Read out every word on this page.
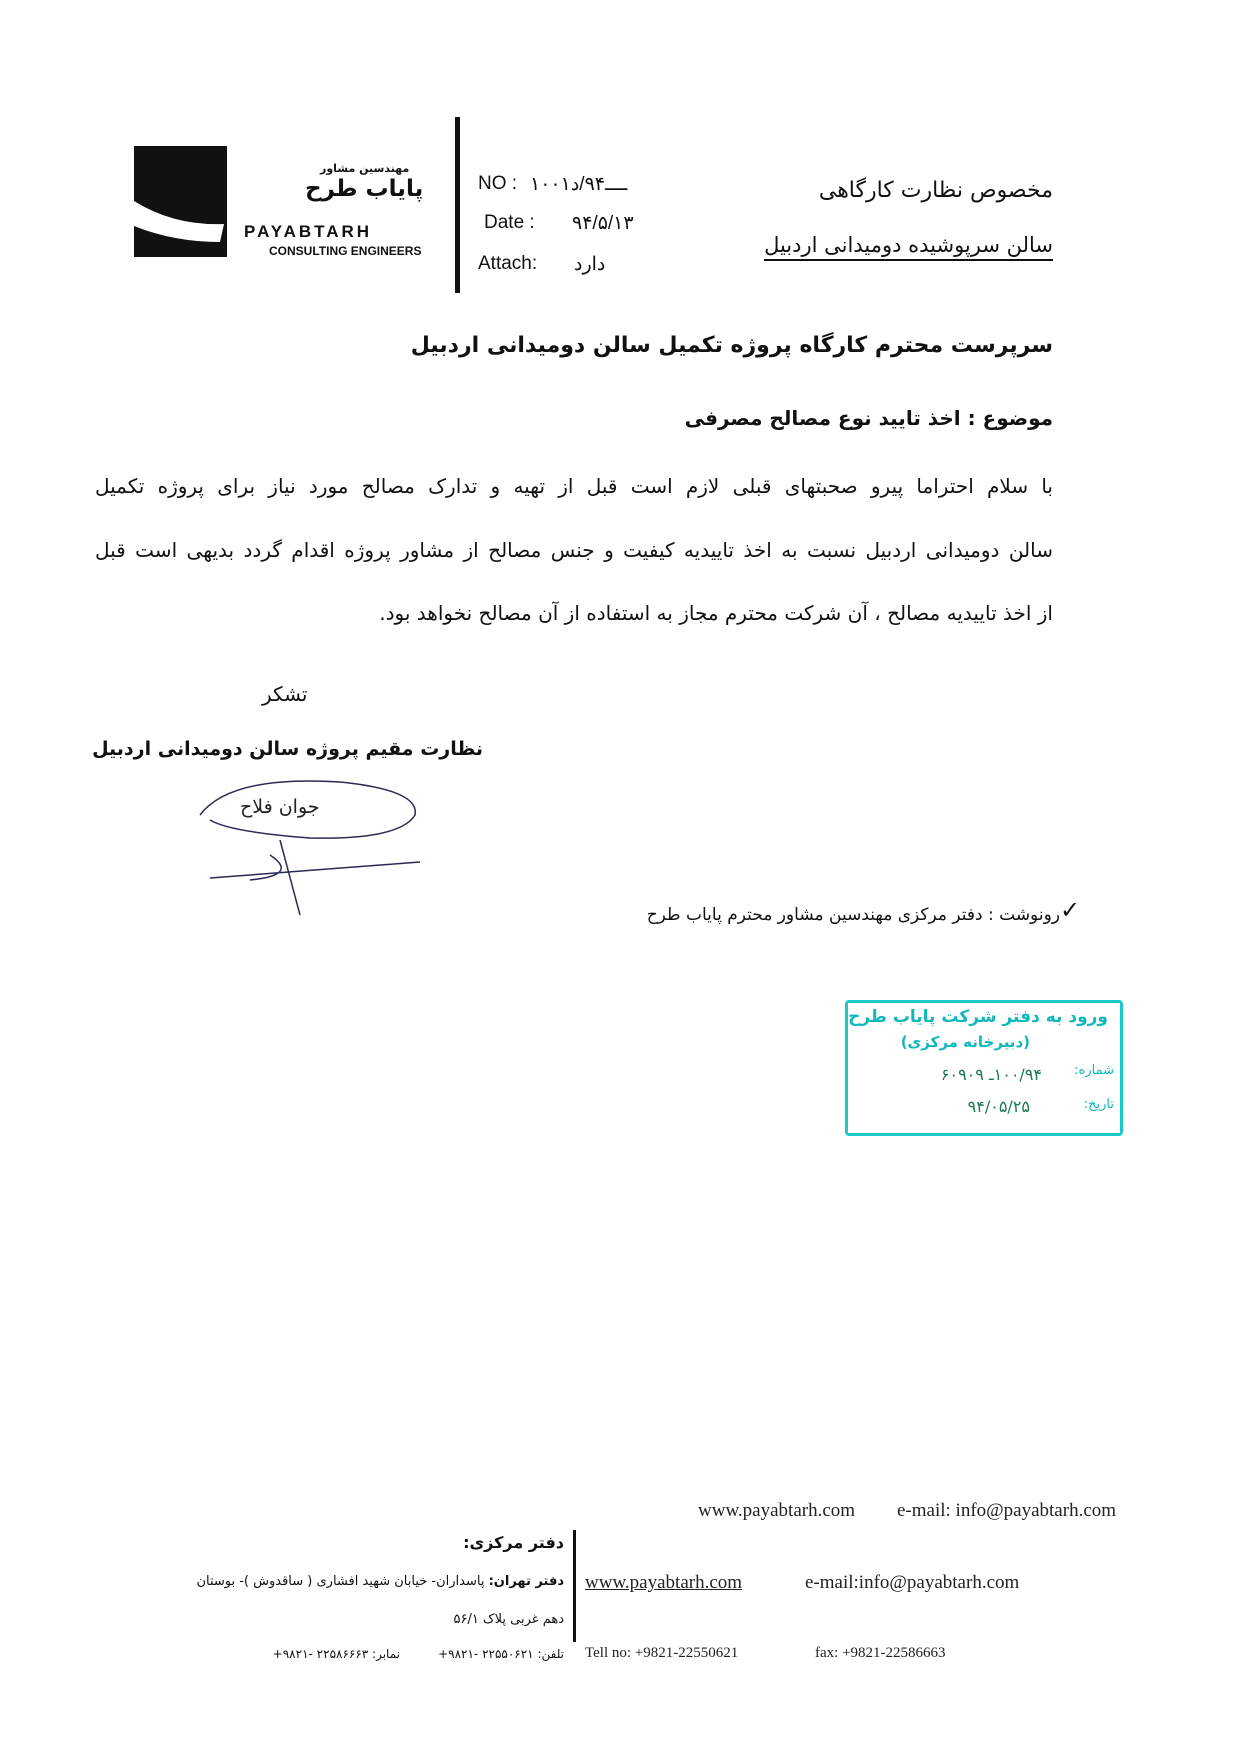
مهندسین مشاور
پایاب طرح
PAYABTARH
CONSULTING ENGINEERS
NO : ۱۰۰۱ــــ۹۴/د
Date : ۹۴/۵/۱۳
Attach: دارد
مخصوص نظارت کارگاهی
سالن سرپوشیده دومیدانی اردبیل
سرپرست محترم کارگاه پروژه تکمیل سالن دومیدانی اردبیل
موضوع : اخذ تایید نوع مصالح مصرفی
با سلام احتراما پیرو صحبتهای قبلی لازم است قبل از تهیه و تدارک مصالح مورد نیاز برای پروژه تکمیل
سالن دومیدانی اردبیل نسبت به اخذ تاییدیه کیفیت و جنس مصالح از مشاور پروژه اقدام گردد بدیهی است قبل
از اخذ تاییدیه مصالح ، آن شرکت محترم مجاز به استفاده از آن مصالح نخواهد بود.
تشکر
نظارت مقیم پروژه سالن دومیدانی اردبیل
جوان فلاح
✓
رونوشت : دفتر مرکزی مهندسین مشاور محترم پایاب طرح
ورود به دفتر شرکت پایاب طرح
(دبیرخانه مرکزی)
شماره:
۱۰۰/۹۴ـ ۶۰۹۰۹
تاریخ:
۹۴/۰۵/۲۵
www.payabtarh.com e-mail: info@payabtarh.com
دفتر مرکزی:
دفتر تهران: پاسداران- خیابان شهید افشاری ( ساقدوش )- بوستان
دهم غربی پلاک ۵۶/۱
www.payabtarh.com	e-mail:info@payabtarh.com
تلفن: ۲۲۵۵۰۶۲۱ -۹۸۲۱+
نمابر: ۲۲۵۸۶۶۶۳ -۹۸۲۱+	Tell no: +9821-22550621	fax: +9821-22586663
